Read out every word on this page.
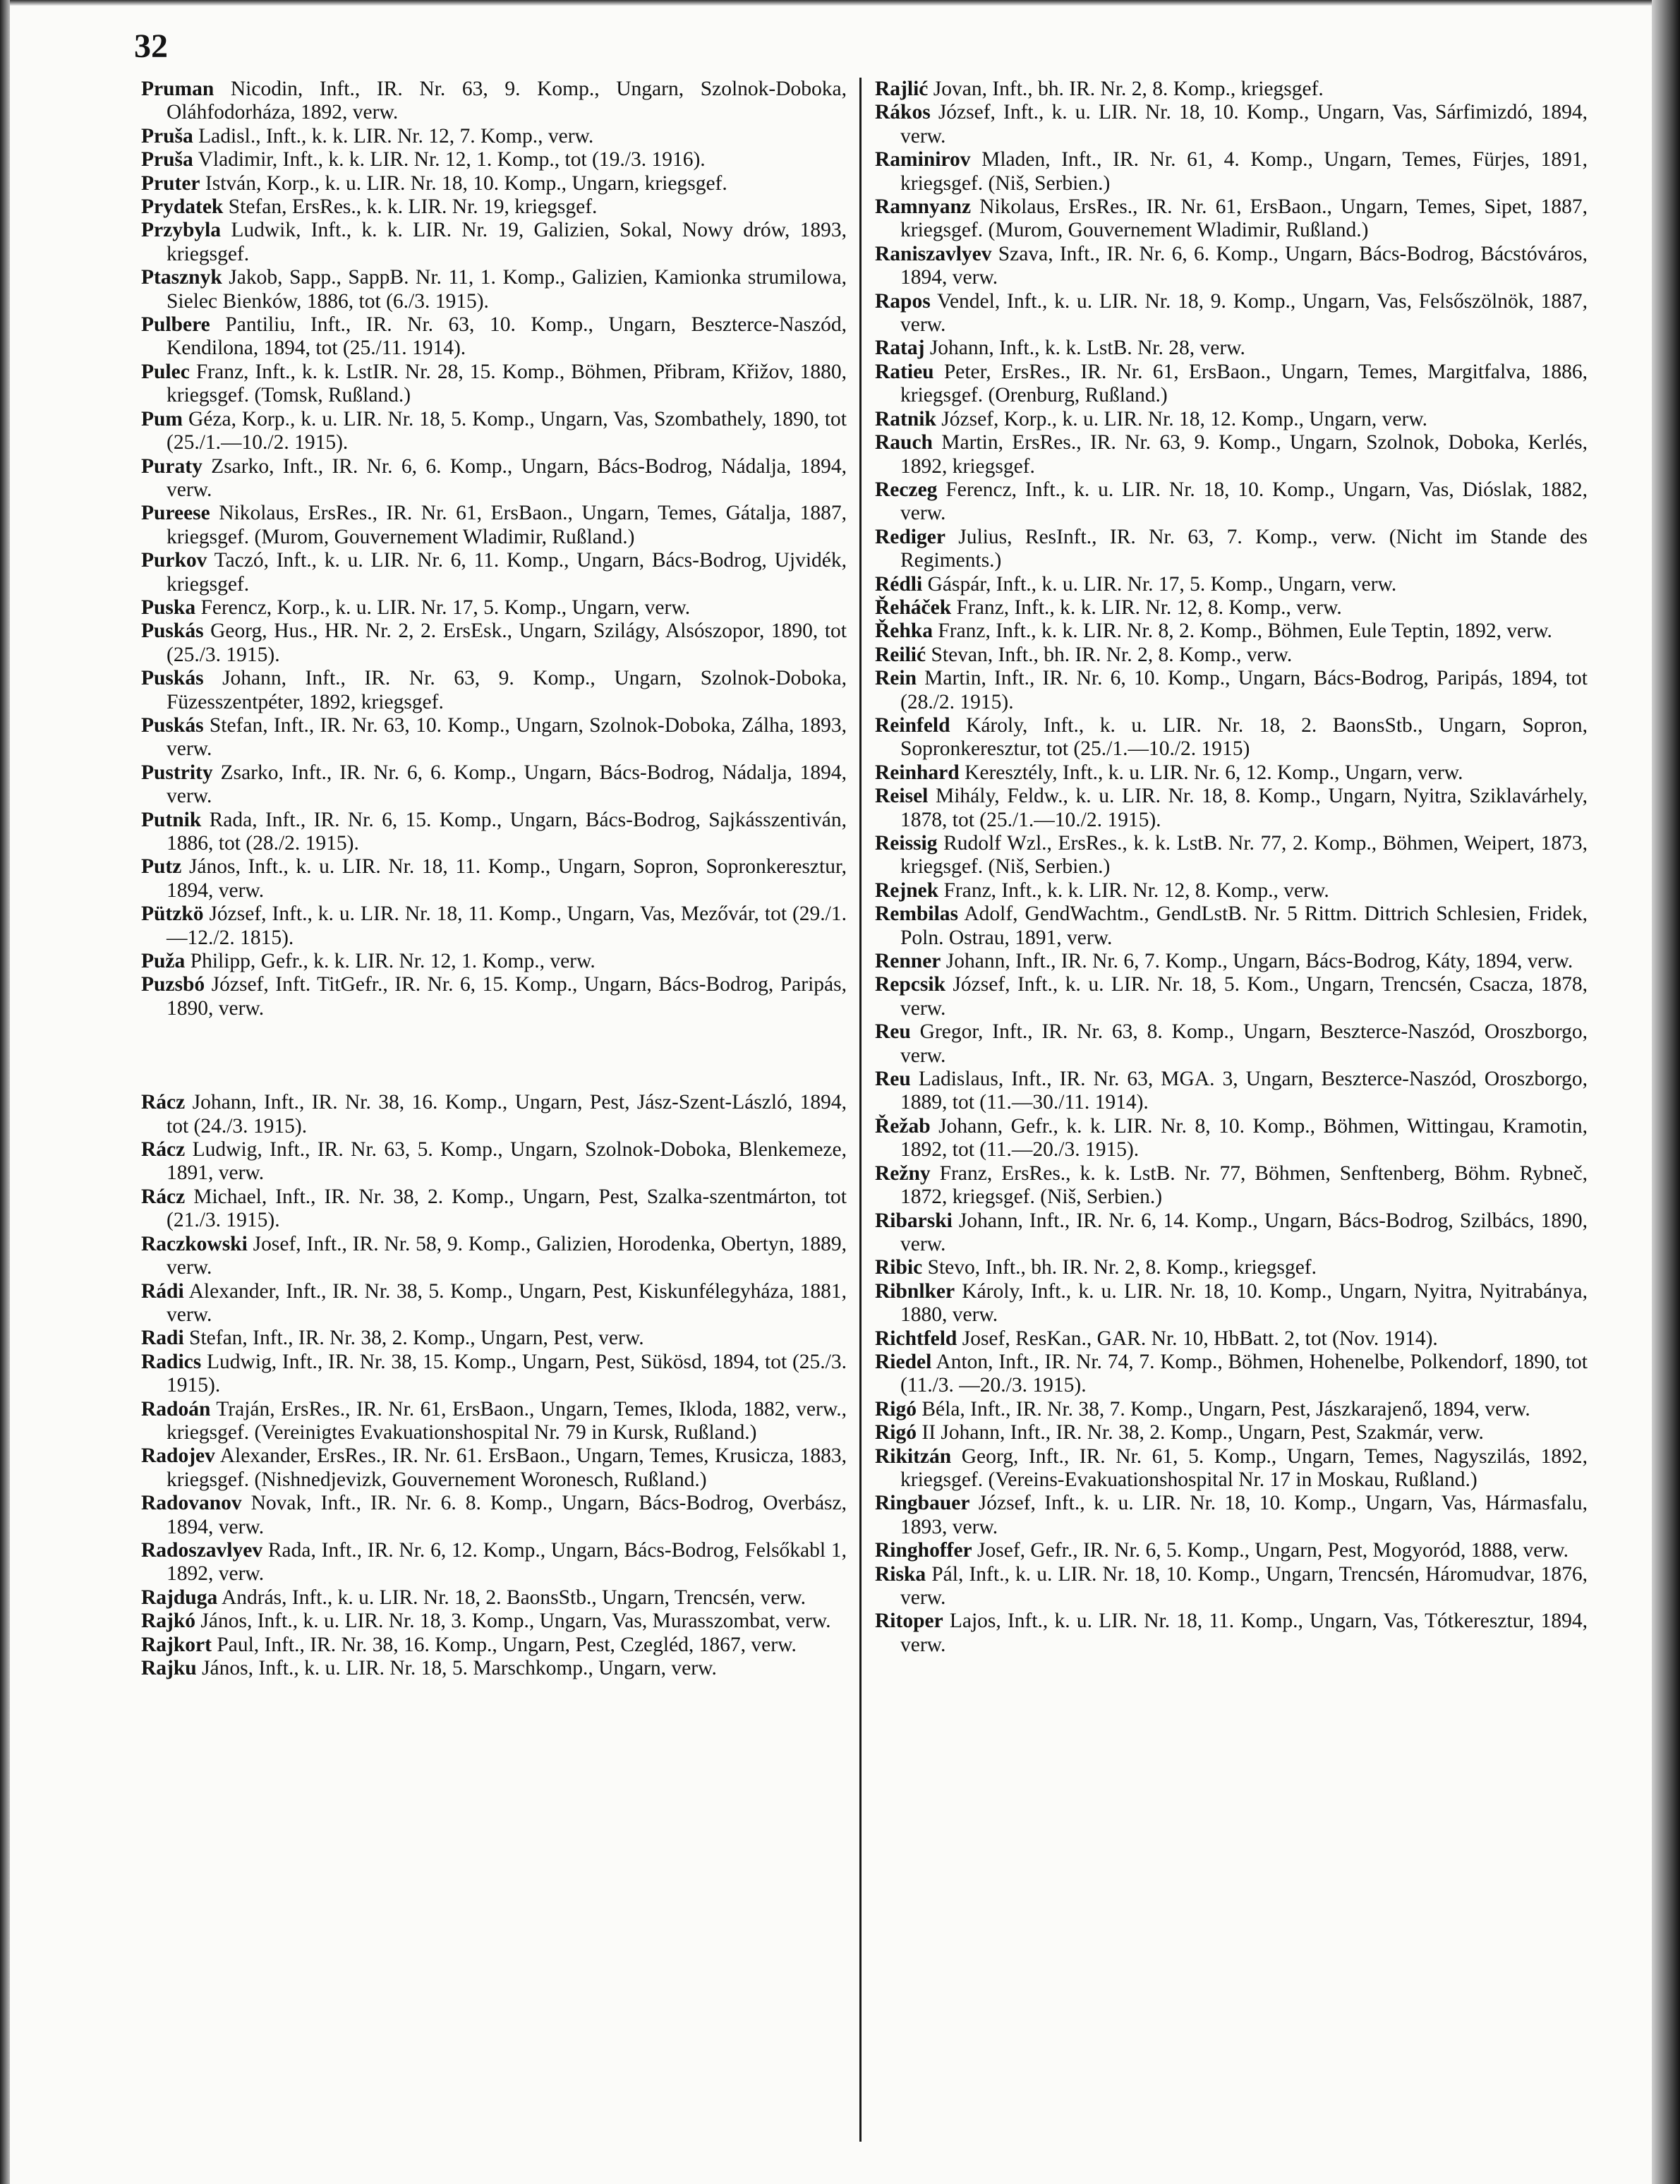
32
Pruman Nicodin, Inft., IR. Nr. 63, 9. Komp., Ungarn, Szolnok-Doboka, Oláhfodorháza, 1892, verw.
Pruša Ladisl., Inft., k. k. LIR. Nr. 12, 7. Komp., verw.
Pruša Vladimir, Inft., k. k. LIR. Nr. 12, 1. Komp., tot (19./3. 1916).
Pruter István, Korp., k. u. LIR. Nr. 18, 10. Komp., Ungarn, kriegsgef.
Prydatek Stefan, ErsRes., k. k. LIR. Nr. 19, kriegsgef.
Przybyla Ludwik, Inft., k. k. LIR. Nr. 19, Galizien, Sokal, Nowy drów, 1893, kriegsgef.
Ptasznyk Jakob, Sapp., SappB. Nr. 11, 1. Komp., Galizien, Kamionka strumilowa, Sielec Bienków, 1886, tot (6./3. 1915).
Pulbere Pantiliu, Inft., IR. Nr. 63, 10. Komp., Ungarn, Beszterce-Naszód, Kendilona, 1894, tot (25./11. 1914).
Pulec Franz, Inft., k. k. LstIR. Nr. 28, 15. Komp., Böhmen, Přibram, Křižov, 1880, kriegsgef. (Tomsk, Rußland.)
Pum Géza, Korp., k. u. LIR. Nr. 18, 5. Komp., Ungarn, Vas, Szombathely, 1890, tot (25./1.—10./2. 1915).
Puraty Zsarko, Inft., IR. Nr. 6, 6. Komp., Ungarn, Bács-Bodrog, Nádalja, 1894, verw.
Pureese Nikolaus, ErsRes., IR. Nr. 61, ErsBaon., Ungarn, Temes, Gátalja, 1887, kriegsgef. (Murom, Gouvernement Wladimir, Rußland.)
Purkov Taczó, Inft., k. u. LIR. Nr. 6, 11. Komp., Ungarn, Bács-Bodrog, Ujvidék, kriegsgef.
Puska Ferencz, Korp., k. u. LIR. Nr. 17, 5. Komp., Ungarn, verw.
Puskás Georg, Hus., HR. Nr. 2, 2. ErsEsk., Ungarn, Szilágy, Alsószopor, 1890, tot (25./3. 1915).
Puskás Johann, Inft., IR. Nr. 63, 9. Komp., Ungarn, Szolnok-Doboka, Füzesszentpéter, 1892, kriegsgef.
Puskás Stefan, Inft., IR. Nr. 63, 10. Komp., Ungarn, Szolnok-Doboka, Zálha, 1893, verw.
Pustrity Zsarko, Inft., IR. Nr. 6, 6. Komp., Ungarn, Bács-Bodrog, Nádalja, 1894, verw.
Putnik Rada, Inft., IR. Nr. 6, 15. Komp., Ungarn, Bács-Bodrog, Sajkásszentiván, 1886, tot (28./2. 1915).
Putz János, Inft., k. u. LIR. Nr. 18, 11. Komp., Ungarn, Sopron, Sopronkeresztur, 1894, verw.
Pützkö József, Inft., k. u. LIR. Nr. 18, 11. Komp., Ungarn, Vas, Mezővár, tot (29./1.—12./2. 1815).
Puža Philipp, Gefr., k. k. LIR. Nr. 12, 1. Komp., verw.
Puzsbó József, Inft. TitGefr., IR. Nr. 6, 15. Komp., Ungarn, Bács-Bodrog, Paripás, 1890, verw.
Rácz Johann, Inft., IR. Nr. 38, 16. Komp., Ungarn, Pest, Jász-Szent-László, 1894, tot (24./3. 1915).
Rácz Ludwig, Inft., IR. Nr. 63, 5. Komp., Ungarn, Szolnok-Doboka, Blenkemeze, 1891, verw.
Rácz Michael, Inft., IR. Nr. 38, 2. Komp., Ungarn, Pest, Szalka-szentmárton, tot (21./3. 1915).
Raczkowski Josef, Inft., IR. Nr. 58, 9. Komp., Galizien, Horodenka, Obertyn, 1889, verw.
Rádi Alexander, Inft., IR. Nr. 38, 5. Komp., Ungarn, Pest, Kiskunfélegyháza, 1881, verw.
Radi Stefan, Inft., IR. Nr. 38, 2. Komp., Ungarn, Pest, verw.
Radics Ludwig, Inft., IR. Nr. 38, 15. Komp., Ungarn, Pest, Sükösd, 1894, tot (25./3. 1915).
Radoán Traján, ErsRes., IR. Nr. 61, ErsBaon., Ungarn, Temes, Ikloda, 1882, verw., kriegsgef. (Vereinigtes Evakuationshospital Nr. 79 in Kursk, Rußland.)
Radojev Alexander, ErsRes., IR. Nr. 61. ErsBaon., Ungarn, Temes, Krusicza, 1883, kriegsgef. (Nishnedjevizk, Gouvernement Woronesch, Rußland.)
Radovanov Novak, Inft., IR. Nr. 6. 8. Komp., Ungarn, Bács-Bodrog, Overbász, 1894, verw.
Radoszavlyev Rada, Inft., IR. Nr. 6, 12. Komp., Ungarn, Bács-Bodrog, Felsőkabl 1, 1892, verw.
Rajduga András, Inft., k. u. LIR. Nr. 18, 2. BaonsStb., Ungarn, Trencsén, verw.
Rajkó János, Inft., k. u. LIR. Nr. 18, 3. Komp., Ungarn, Vas, Murasszombat, verw.
Rajkort Paul, Inft., IR. Nr. 38, 16. Komp., Ungarn, Pest, Czegléd, 1867, verw.
Rajku János, Inft., k. u. LIR. Nr. 18, 5. Marschkomp., Ungarn, verw.
Rajlić Jovan, Inft., bh. IR. Nr. 2, 8. Komp., kriegsgef.
Rákos József, Inft., k. u. LIR. Nr. 18, 10. Komp., Ungarn, Vas, Sárfimizdó, 1894, verw.
Raminirov Mladen, Inft., IR. Nr. 61, 4. Komp., Ungarn, Temes, Fürjes, 1891, kriegsgef. (Niš, Serbien.)
Ramnyanz Nikolaus, ErsRes., IR. Nr. 61, ErsBaon., Ungarn, Temes, Sipet, 1887, kriegsgef. (Murom, Gouvernement Wladimir, Rußland.)
Raniszavlyev Szava, Inft., IR. Nr. 6, 6. Komp., Ungarn, Bács-Bodrog, Bácstóváros, 1894, verw.
Rapos Vendel, Inft., k. u. LIR. Nr. 18, 9. Komp., Ungarn, Vas, Felsőszölnök, 1887, verw.
Rataj Johann, Inft., k. k. LstB. Nr. 28, verw.
Ratieu Peter, ErsRes., IR. Nr. 61, ErsBaon., Ungarn, Temes, Margitfalva, 1886, kriegsgef. (Orenburg, Rußland.)
Ratnik József, Korp., k. u. LIR. Nr. 18, 12. Komp., Ungarn, verw.
Rauch Martin, ErsRes., IR. Nr. 63, 9. Komp., Ungarn, Szolnok, Doboka, Kerlés, 1892, kriegsgef.
Reczeg Ferencz, Inft., k. u. LIR. Nr. 18, 10. Komp., Ungarn, Vas, Dióslak, 1882, verw.
Rediger Julius, ResInft., IR. Nr. 63, 7. Komp., verw. (Nicht im Stande des Regiments.)
Rédli Gáspár, Inft., k. u. LIR. Nr. 17, 5. Komp., Ungarn, verw.
Řeháček Franz, Inft., k. k. LIR. Nr. 12, 8. Komp., verw.
Řehka Franz, Inft., k. k. LIR. Nr. 8, 2. Komp., Böhmen, Eule Teptin, 1892, verw.
Reilić Stevan, Inft., bh. IR. Nr. 2, 8. Komp., verw.
Rein Martin, Inft., IR. Nr. 6, 10. Komp., Ungarn, Bács-Bodrog, Paripás, 1894, tot (28./2. 1915).
Reinfeld Károly, Inft., k. u. LIR. Nr. 18, 2. BaonsStb., Ungarn, Sopron, Sopronkeresztur, tot (25./1.—10./2. 1915)
Reinhard Keresztély, Inft., k. u. LIR. Nr. 6, 12. Komp., Ungarn, verw.
Reisel Mihály, Feldw., k. u. LIR. Nr. 18, 8. Komp., Ungarn, Nyitra, Sziklavárhely, 1878, tot (25./1.—10./2. 1915).
Reissig Rudolf Wzl., ErsRes., k. k. LstB. Nr. 77, 2. Komp., Böhmen, Weipert, 1873, kriegsgef. (Niš, Serbien.)
Rejnek Franz, Inft., k. k. LIR. Nr. 12, 8. Komp., verw.
Rembilas Adolf, GendWachtm., GendLstB. Nr. 5 Rittm. Dittrich Schlesien, Fridek, Poln. Ostrau, 1891, verw.
Renner Johann, Inft., IR. Nr. 6, 7. Komp., Ungarn, Bács-Bodrog, Káty, 1894, verw.
Repcsik József, Inft., k. u. LIR. Nr. 18, 5. Kom., Ungarn, Trencsén, Csacza, 1878, verw.
Reu Gregor, Inft., IR. Nr. 63, 8. Komp., Ungarn, Beszterce-Naszód, Oroszborgo, verw.
Reu Ladislaus, Inft., IR. Nr. 63, MGA. 3, Ungarn, Beszterce-Naszód, Oroszborgo, 1889, tot (11.—30./11. 1914).
Řežab Johann, Gefr., k. k. LIR. Nr. 8, 10. Komp., Böhmen, Wittingau, Kramotin, 1892, tot (11.—20./3. 1915).
Režny Franz, ErsRes., k. k. LstB. Nr. 77, Böhmen, Senftenberg, Böhm. Rybneč, 1872, kriegsgef. (Niš, Serbien.)
Ribarski Johann, Inft., IR. Nr. 6, 14. Komp., Ungarn, Bács-Bodrog, Szilbács, 1890, verw.
Ribic Stevo, Inft., bh. IR. Nr. 2, 8. Komp., kriegsgef.
Ribnlker Károly, Inft., k. u. LIR. Nr. 18, 10. Komp., Ungarn, Nyitra, Nyitrabánya, 1880, verw.
Richtfeld Josef, ResKan., GAR. Nr. 10, HbBatt. 2, tot (Nov. 1914).
Riedel Anton, Inft., IR. Nr. 74, 7. Komp., Böhmen, Hohenelbe, Polkendorf, 1890, tot (11./3. —20./3. 1915).
Rigó Béla, Inft., IR. Nr. 38, 7. Komp., Ungarn, Pest, Jászkarajenő, 1894, verw.
Rigó II Johann, Inft., IR. Nr. 38, 2. Komp., Ungarn, Pest, Szakmár, verw.
Rikitzán Georg, Inft., IR. Nr. 61, 5. Komp., Ungarn, Temes, Nagyszilás, 1892, kriegsgef. (Vereins-Evakuationshospital Nr. 17 in Moskau, Rußland.)
Ringbauer József, Inft., k. u. LIR. Nr. 18, 10. Komp., Ungarn, Vas, Hármasfalu, 1893, verw.
Ringhoffer Josef, Gefr., IR. Nr. 6, 5. Komp., Ungarn, Pest, Mogyoród, 1888, verw.
Riska Pál, Inft., k. u. LIR. Nr. 18, 10. Komp., Ungarn, Trencsén, Háromudvar, 1876, verw.
Ritoper Lajos, Inft., k. u. LIR. Nr. 18, 11. Komp., Ungarn, Vas, Tótkeresztur, 1894, verw.
